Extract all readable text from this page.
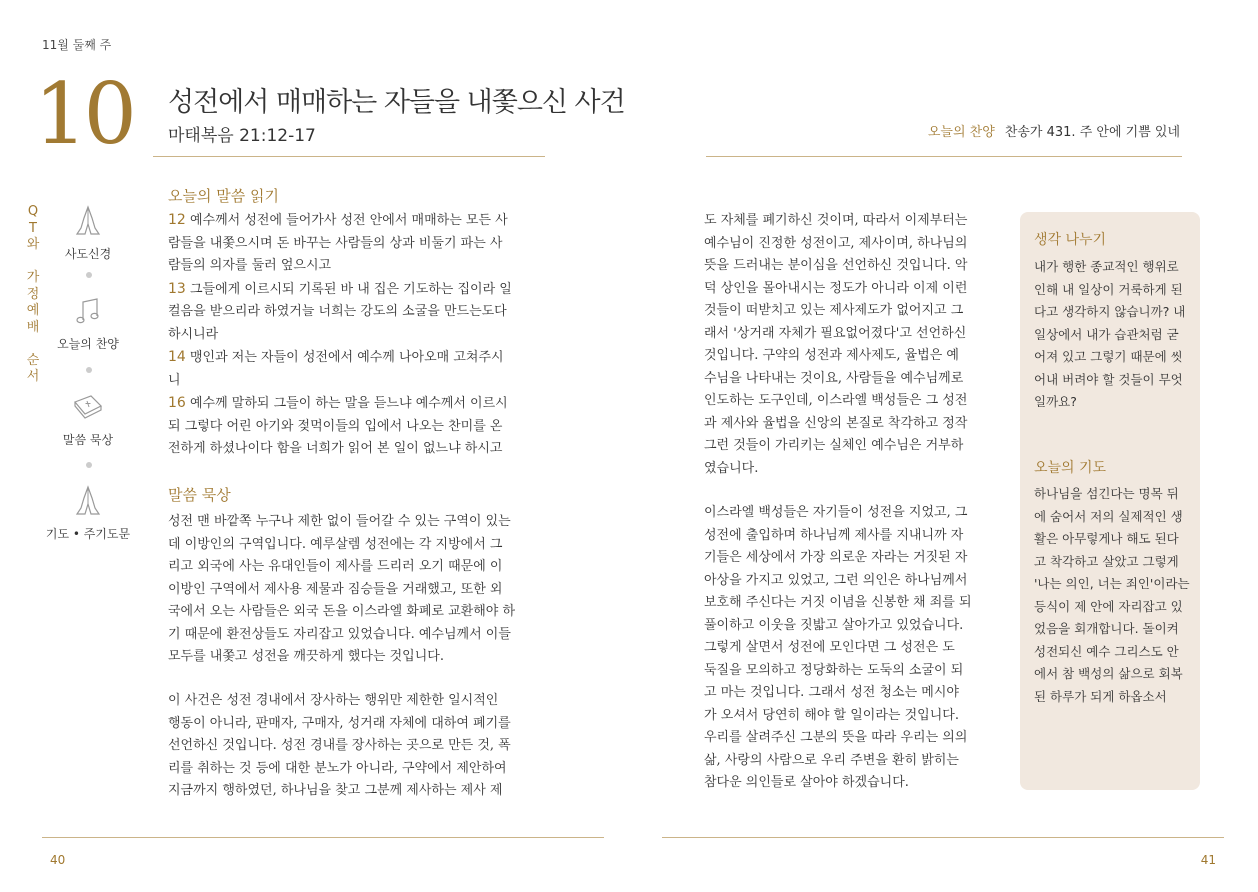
11월 둘째 주
10 성전에서 매매하는 자들을 내쫓으신 사건
마태복음 21:12-17	오늘의 찬양 찬송가 431. 주 안에 기쁨 있네
Q
T
와

가
정
예
배

순
서
사도신경
오늘의 찬양
말씀 묵상
기도 • 주기도문
오늘의 말씀 읽기
12 예수께서 성전에 들어가사 성전 안에서 매매하는 모든 사
람들을 내쫓으시며 돈 바꾸는 사람들의 상과 비둘기 파는 사
람들의 의자를 둘러 엎으시고
13 그들에게 이르시되 기록된 바 내 집은 기도하는 집이라 일
컬음을 받으리라 하였거늘 너희는 강도의 소굴을 만드는도다
하시니라
14 맹인과 저는 자들이 성전에서 예수께 나아오매 고쳐주시
니
16 예수께 말하되 그들이 하는 말을 듣느냐 예수께서 이르시
되 그렇다 어린 아기와 젖먹이들의 입에서 나오는 찬미를 온
전하게 하셨나이다 함을 너희가 읽어 본 일이 없느냐 하시고
말씀 묵상
성전 맨 바깥쪽 누구나 제한 없이 들어갈 수 있는 구역이 있는
데 이방인의 구역입니다. 예루살렘 성전에는 각 지방에서 그
리고 외국에 사는 유대인들이 제사를 드리러 오기 때문에 이
이방인 구역에서 제사용 제물과 짐승들을 거래했고, 또한 외
국에서 오는 사람들은 외국 돈을 이스라엘 화폐로 교환해야 하
기 때문에 환전상들도 자리잡고 있었습니다. 예수님께서 이들
모두를 내쫓고 성전을 깨끗하게 했다는 것입니다.
이 사건은 성전 경내에서 장사하는 행위만 제한한 일시적인
행동이 아니라, 판매자, 구매자, 성거래 자체에 대하여 폐기를
선언하신 것입니다. 성전 경내를 장사하는 곳으로 만든 것, 폭
리를 취하는 것 등에 대한 분노가 아니라, 구약에서 제안하여
지금까지 행하였던, 하나님을 찾고 그분께 제사하는 제사 제
도 자체를 폐기하신 것이며, 따라서 이제부터는
예수님이 진정한 성전이고, 제사이며, 하나님의
뜻을 드러내는 분이심을 선언하신 것입니다. 악
덕 상인을 몰아내시는 정도가 아니라 이제 이런
것들이 떠받치고 있는 제사제도가 없어지고 그
래서 '상거래 자체가 필요없어졌다'고 선언하신
것입니다. 구약의 성전과 제사제도, 율법은 예
수님을 나타내는 것이요, 사람들을 예수님께로
인도하는 도구인데, 이스라엘 백성들은 그 성전
과 제사와 율법을 신앙의 본질로 착각하고 정작
그런 것들이 가리키는 실체인 예수님은 거부하
였습니다.
이스라엘 백성들은 자기들이 성전을 지었고, 그
성전에 출입하며 하나님께 제사를 지내니까 자
기들은 세상에서 가장 의로운 자라는 거짓된 자
아상을 가지고 있었고, 그런 의인은 하나님께서
보호해 주신다는 거짓 이념을 신봉한 채 죄를 되
풀이하고 이웃을 짓밟고 살아가고 있었습니다.
그렇게 살면서 성전에 모인다면 그 성전은 도
둑질을 모의하고 정당화하는 도둑의 소굴이 되
고 마는 것입니다. 그래서 성전 청소는 메시야
가 오셔서 당연히 해야 할 일이라는 것입니다.
우리를 살려주신 그분의 뜻을 따라 우리는 의의
삶, 사랑의 사람으로 우리 주변을 환히 밝히는
참다운 의인들로 살아야 하겠습니다.
생각 나누기
내가 행한 종교적인 행위로
인해 내 일상이 거룩하게 된
다고 생각하지 않습니까? 내
일상에서 내가 습관처럼 굳
어져 있고 그렇기 때문에 씻
어내 버려야 할 것들이 무엇
일까요?
오늘의 기도
하나님을 섬긴다는 명목 뒤
에 숨어서 저의 실제적인 생
활은 아무렇게나 해도 된다
고 착각하고 살았고 그렇게
'나는 의인, 너는 죄인'이라는
등식이 제 안에 자리잡고 있
었음을 회개합니다. 돌이켜
성전되신 예수 그리스도 안
에서 참 백성의 삶으로 회복
된 하루가 되게 하옵소서
40	41
